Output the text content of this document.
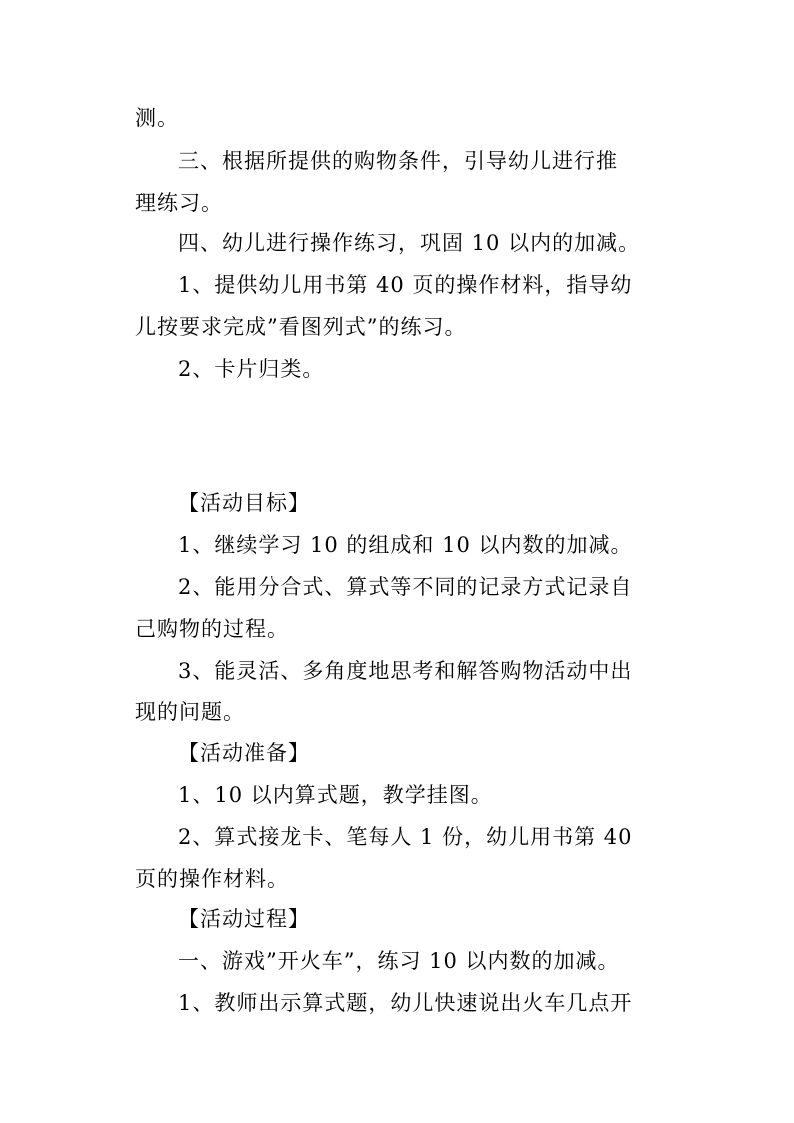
测。
三、根据所提供的购物条件，引导幼儿进行推
理练习。
四、幼儿进行操作练习，巩固 10 以内的加减。
1、提供幼儿用书第 40 页的操作材料，指导幼
儿按要求完成”看图列式”的练习。
2、卡片归类。
【活动目标】
1、继续学习 10 的组成和 10 以内数的加减。
2、能用分合式、算式等不同的记录方式记录自
己购物的过程。
3、能灵活、多角度地思考和解答购物活动中出
现的问题。
【活动准备】
1、10 以内算式题，教学挂图。
2、算式接龙卡、笔每人 1 份，幼儿用书第 40
页的操作材料。
【活动过程】
一、游戏”开火车”，练习 10 以内数的加减。
1、教师出示算式题，幼儿快速说出火车几点开
